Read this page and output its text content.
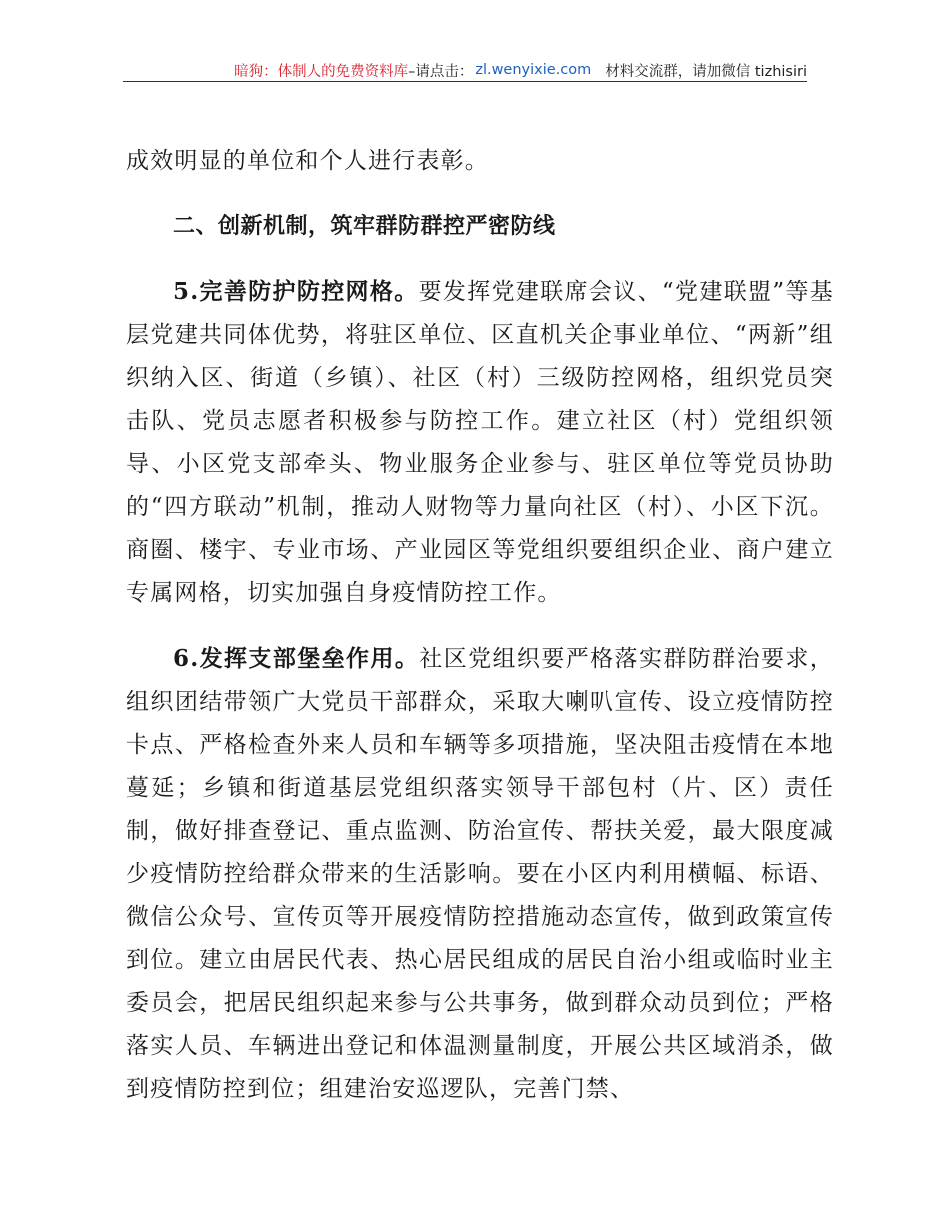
暗狗：体制人的免费资料库 –请点击： zl.wenyixie.com 材料交流群，请加微信 tizhisiri

成效明显的单位和个人进行表彰。

二、创新机制，筑牢群防群控严密防线

5.完善防护防控网格。要发挥党建联席会议、“党建联盟”等基层党建共同体优势，将驻区单位、区直机关企事业单位、“两新”组织纳入区、街道（乡镇）、社区（村）三级防控网格，组织党员突击队、党员志愿者积极参与防控工作。建立社区（村）党组织领导、小区党支部牵头、物业服务企业参与、驻区单位等党员协助的“四方联动”机制，推动人财物等力量向社区（村）、小区下沉。商圈、楼宇、专业市场、产业园区等党组织要组织企业、商户建立专属网格，切实加强自身疫情防控工作。

6.发挥支部堡垒作用。社区党组织要严格落实群防群治要求，组织团结带领广大党员干部群众，采取大喇叭宣传、设立疫情防控卡点、严格检查外来人员和车辆等多项措施，坚决阻击疫情在本地蔓延；乡镇和街道基层党组织落实领导干部包村（片、区）责任制，做好排查登记、重点监测、防治宣传、帮扶关爱，最大限度减少疫情防控给群众带来的生活影响。要在小区内利用横幅、标语、微信公众号、宣传页等开展疫情防控措施动态宣传，做到政策宣传到位。建立由居民代表、热心居民组成的居民自治小组或临时业主委员会，把居民组织起来参与公共事务，做到群众动员到位；严格落实人员、车辆进出登记和体温测量制度，开展公共区域消杀，做到疫情防控到位；组建治安巡逻队，完善门禁、
